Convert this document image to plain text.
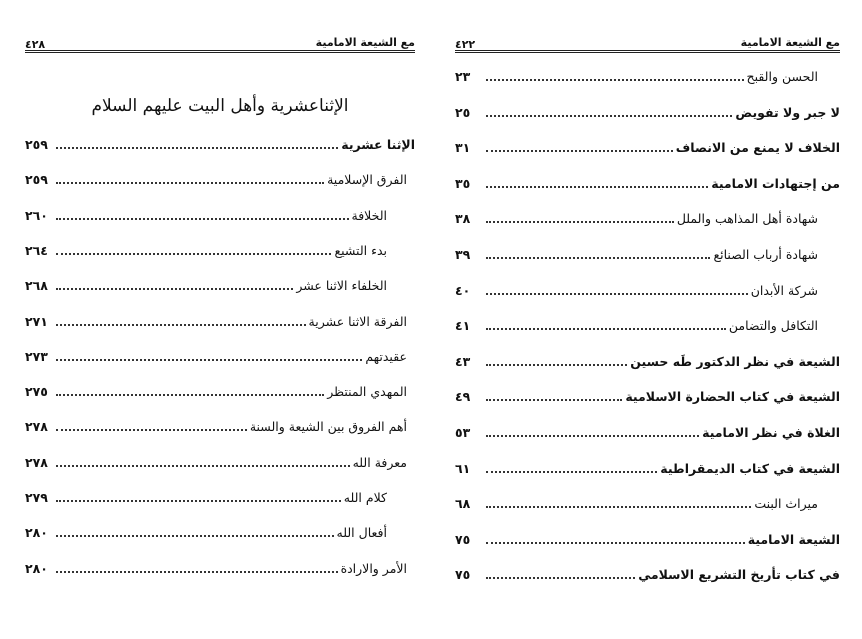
مع الشيعة الامامية
٤٢٨
الإثناعشرية وأهل البيت عليهم السلام
الإثنا عشرية
٢٥٩
الفرق الإسلامية
٢٥٩
الخلافة
٢٦٠
بدء التشيع
٢٦٤
الخلفاء الاثنا عشر
٢٦٨
الفرقة الاثنا عشرية
٢٧١
عقيدتهم
٢٧٣
المهدي المنتظر
٢٧٥
أهم الفروق بين الشيعة والسنة
٢٧٨
معرفة الله
٢٧٨
كلام الله
٢٧٩
أفعال الله
٢٨٠
الأمر والارادة
٢٨٠
مع الشيعة الامامية
٤٢٢
الحسن والقبح
٢٣
لا جبر ولا تفويض
٢٥
الخلاف لا يمنع من الانصاف
٣١
من إجتهادات الامامية
٣٥
شهادة أهل المذاهب والملل
٣٨
شهادة أرباب الصنائع
٣٩
شركة الأبدان
٤٠
التكافل والتضامن
٤١
الشيعة في نظر الدكتور طَه حسين
٤٣
الشيعة في كتاب الحضارة الاسلامية
٤٩
الغلاة في نظر الامامية
٥٣
الشيعة في كتاب الديمقراطية
٦١
ميراث البنت
٦٨
الشيعة الامامية
٧٥
في كتاب تأريخ التشريع الاسلامي
٧٥
